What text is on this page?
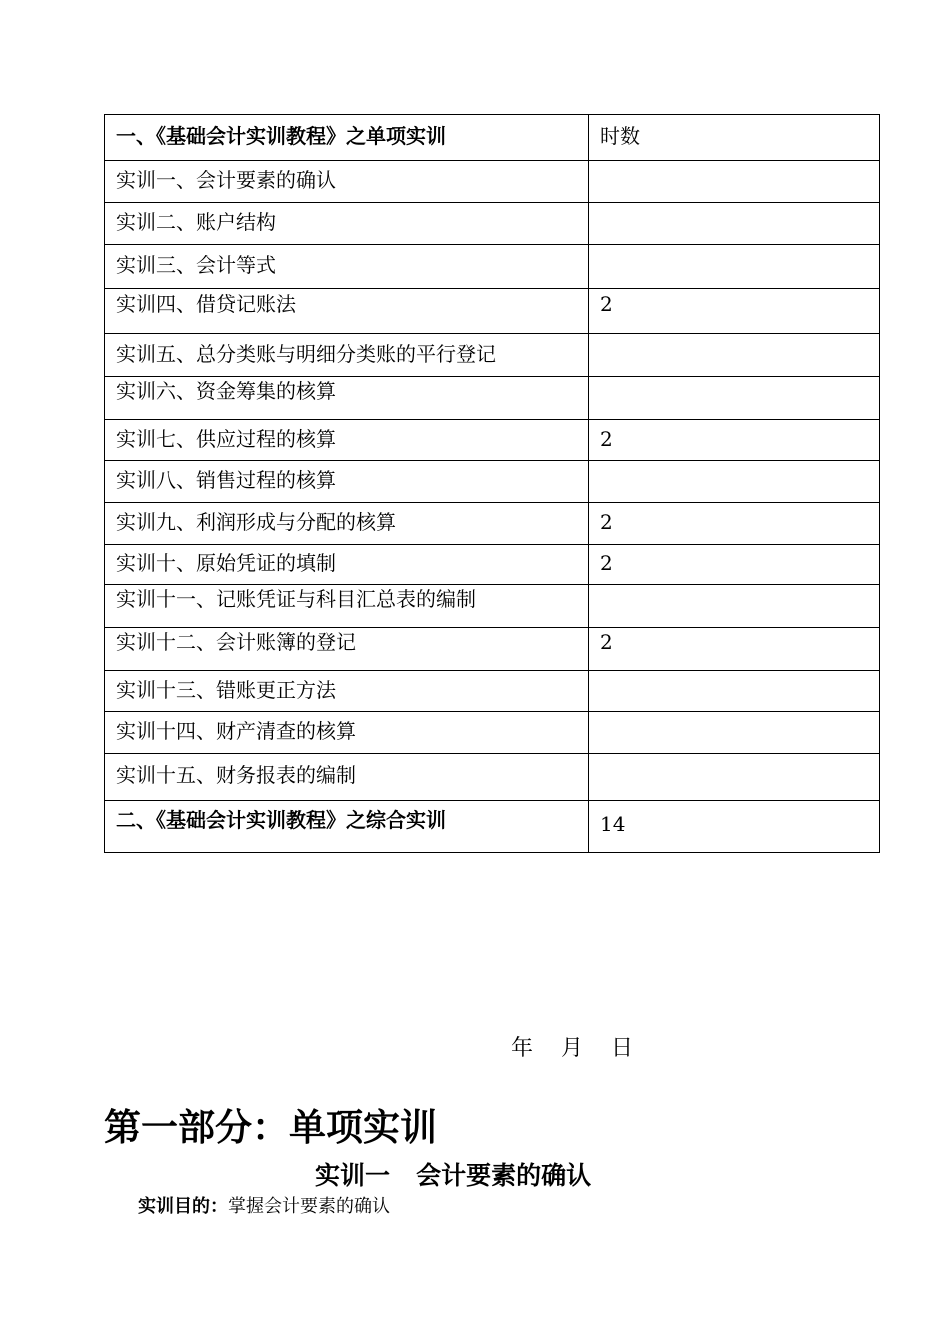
一、《基础会计实训教程》之单项实训	时数
实训一、会计要素的确认	
实训二、账户结构	
实训三、会计等式	
实训四、借贷记账法	2
实训五、总分类账与明细分类账的平行登记	
实训六、资金筹集的核算	
实训七、供应过程的核算	2
实训八、销售过程的核算	
实训九、利润形成与分配的核算	2
实训十、原始凭证的填制	2
实训十一、记账凭证与科目汇总表的编制	
实训十二、会计账簿的登记	2
实训十三、错账更正方法	
实训十四、财产清查的核算	
实训十五、财务报表的编制	
二、《基础会计实训教程》之综合实训	14
年    月    日
第一部分：单项实训
实训一   会计要素的确认
实训目的：掌握会计要素的确认
